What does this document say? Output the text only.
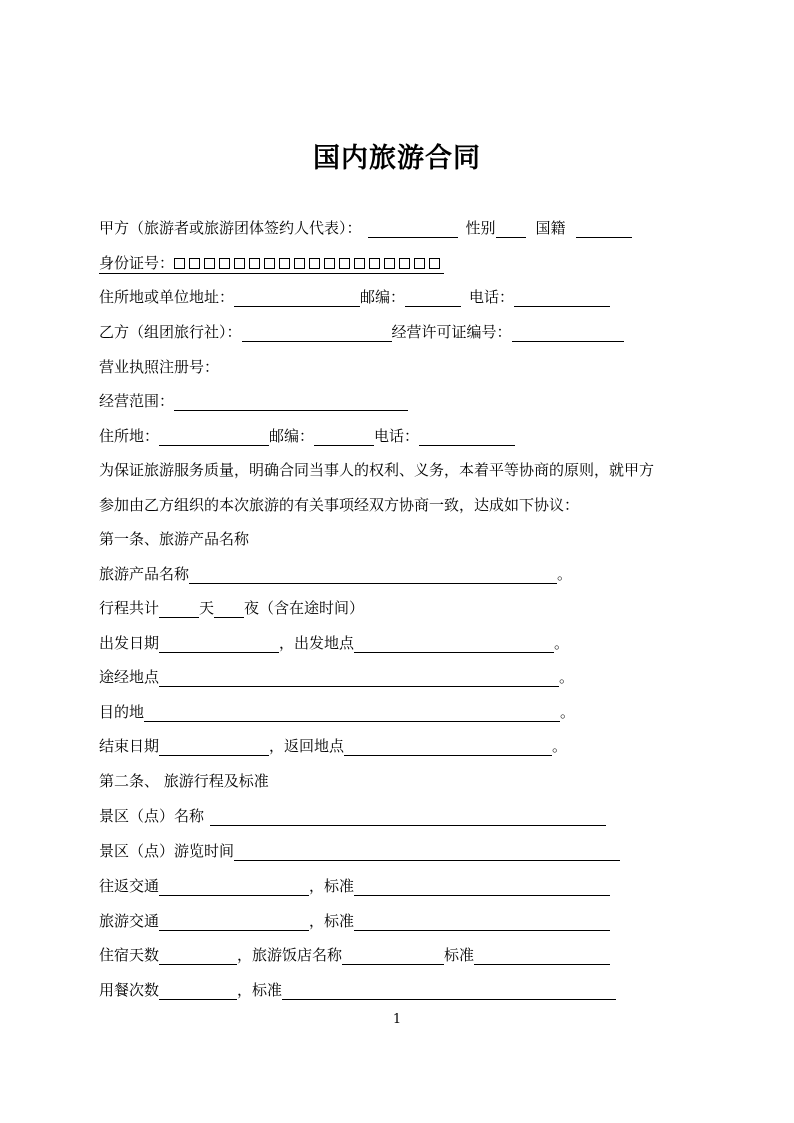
国内旅游合同
甲方（旅游者或旅游团体签约人代表）：	性别	国籍
身份证号：
住所地或单位地址：	邮编：	电话：
乙方（组团旅行社）：	经营许可证编号：
营业执照注册号：
经营范围：
住所地：	邮编：	电话：
为保证旅游服务质量，明确合同当事人的权利、义务，本着平等协商的原则，就甲方
参加由乙方组织的本次旅游的有关事项经双方协商一致，达成如下协议：
第一条、旅游产品名称
旅游产品名称	。
行程共计	天 夜（含在途时间）
出发日期	，出发地点	。
途经地点	。
目的地	。
结束日期	，返回地点	。
第二条、 旅游行程及标准
景区（点）名称
景区（点）游览时间
往返交通	，标准
旅游交通	，标准
住宿天数	，旅游饭店名称	标准
用餐次数	，标准
1
